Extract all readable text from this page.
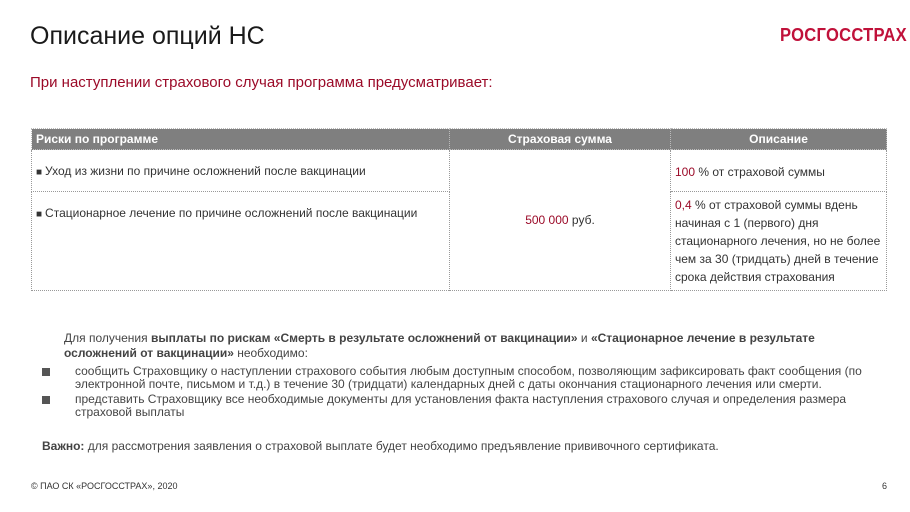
Описание опций НС	РОСГОССТРАХ
При наступлении страхового случая программа предусматривает:
Риски по программе	Страховая сумма	Описание
■ Уход из жизни по причине осложнений после вакцинации	500 000 руб.	100 % от страховой суммы
■ Стационарное лечение по причине осложнений после вакцинации		0,4 % от страховой суммы вдень начиная с 1 (первого) дня стационарного лечения, но не более чем за 30 (тридцать) дней в течение срока действия страхования
Для получения выплаты по рискам «Смерть в результате осложнений от вакцинации» и «Стационарное лечение в результате осложнений от вакцинации» необходимо:
сообщить Страховщику о наступлении страхового события любым доступным способом, позволяющим зафиксировать факт сообщения (по электронной почте, письмом и т.д.) в течение 30 (тридцати) календарных дней с даты окончания стационарного лечения или смерти.
представить Страховщику все необходимые документы для установления факта наступления страхового случая и определения размера страховой выплаты
Важно: для рассмотрения заявления о страховой выплате будет необходимо предъявление прививочного сертификата.
© ПАО СК «РОСГОССТРАХ», 2020	6
